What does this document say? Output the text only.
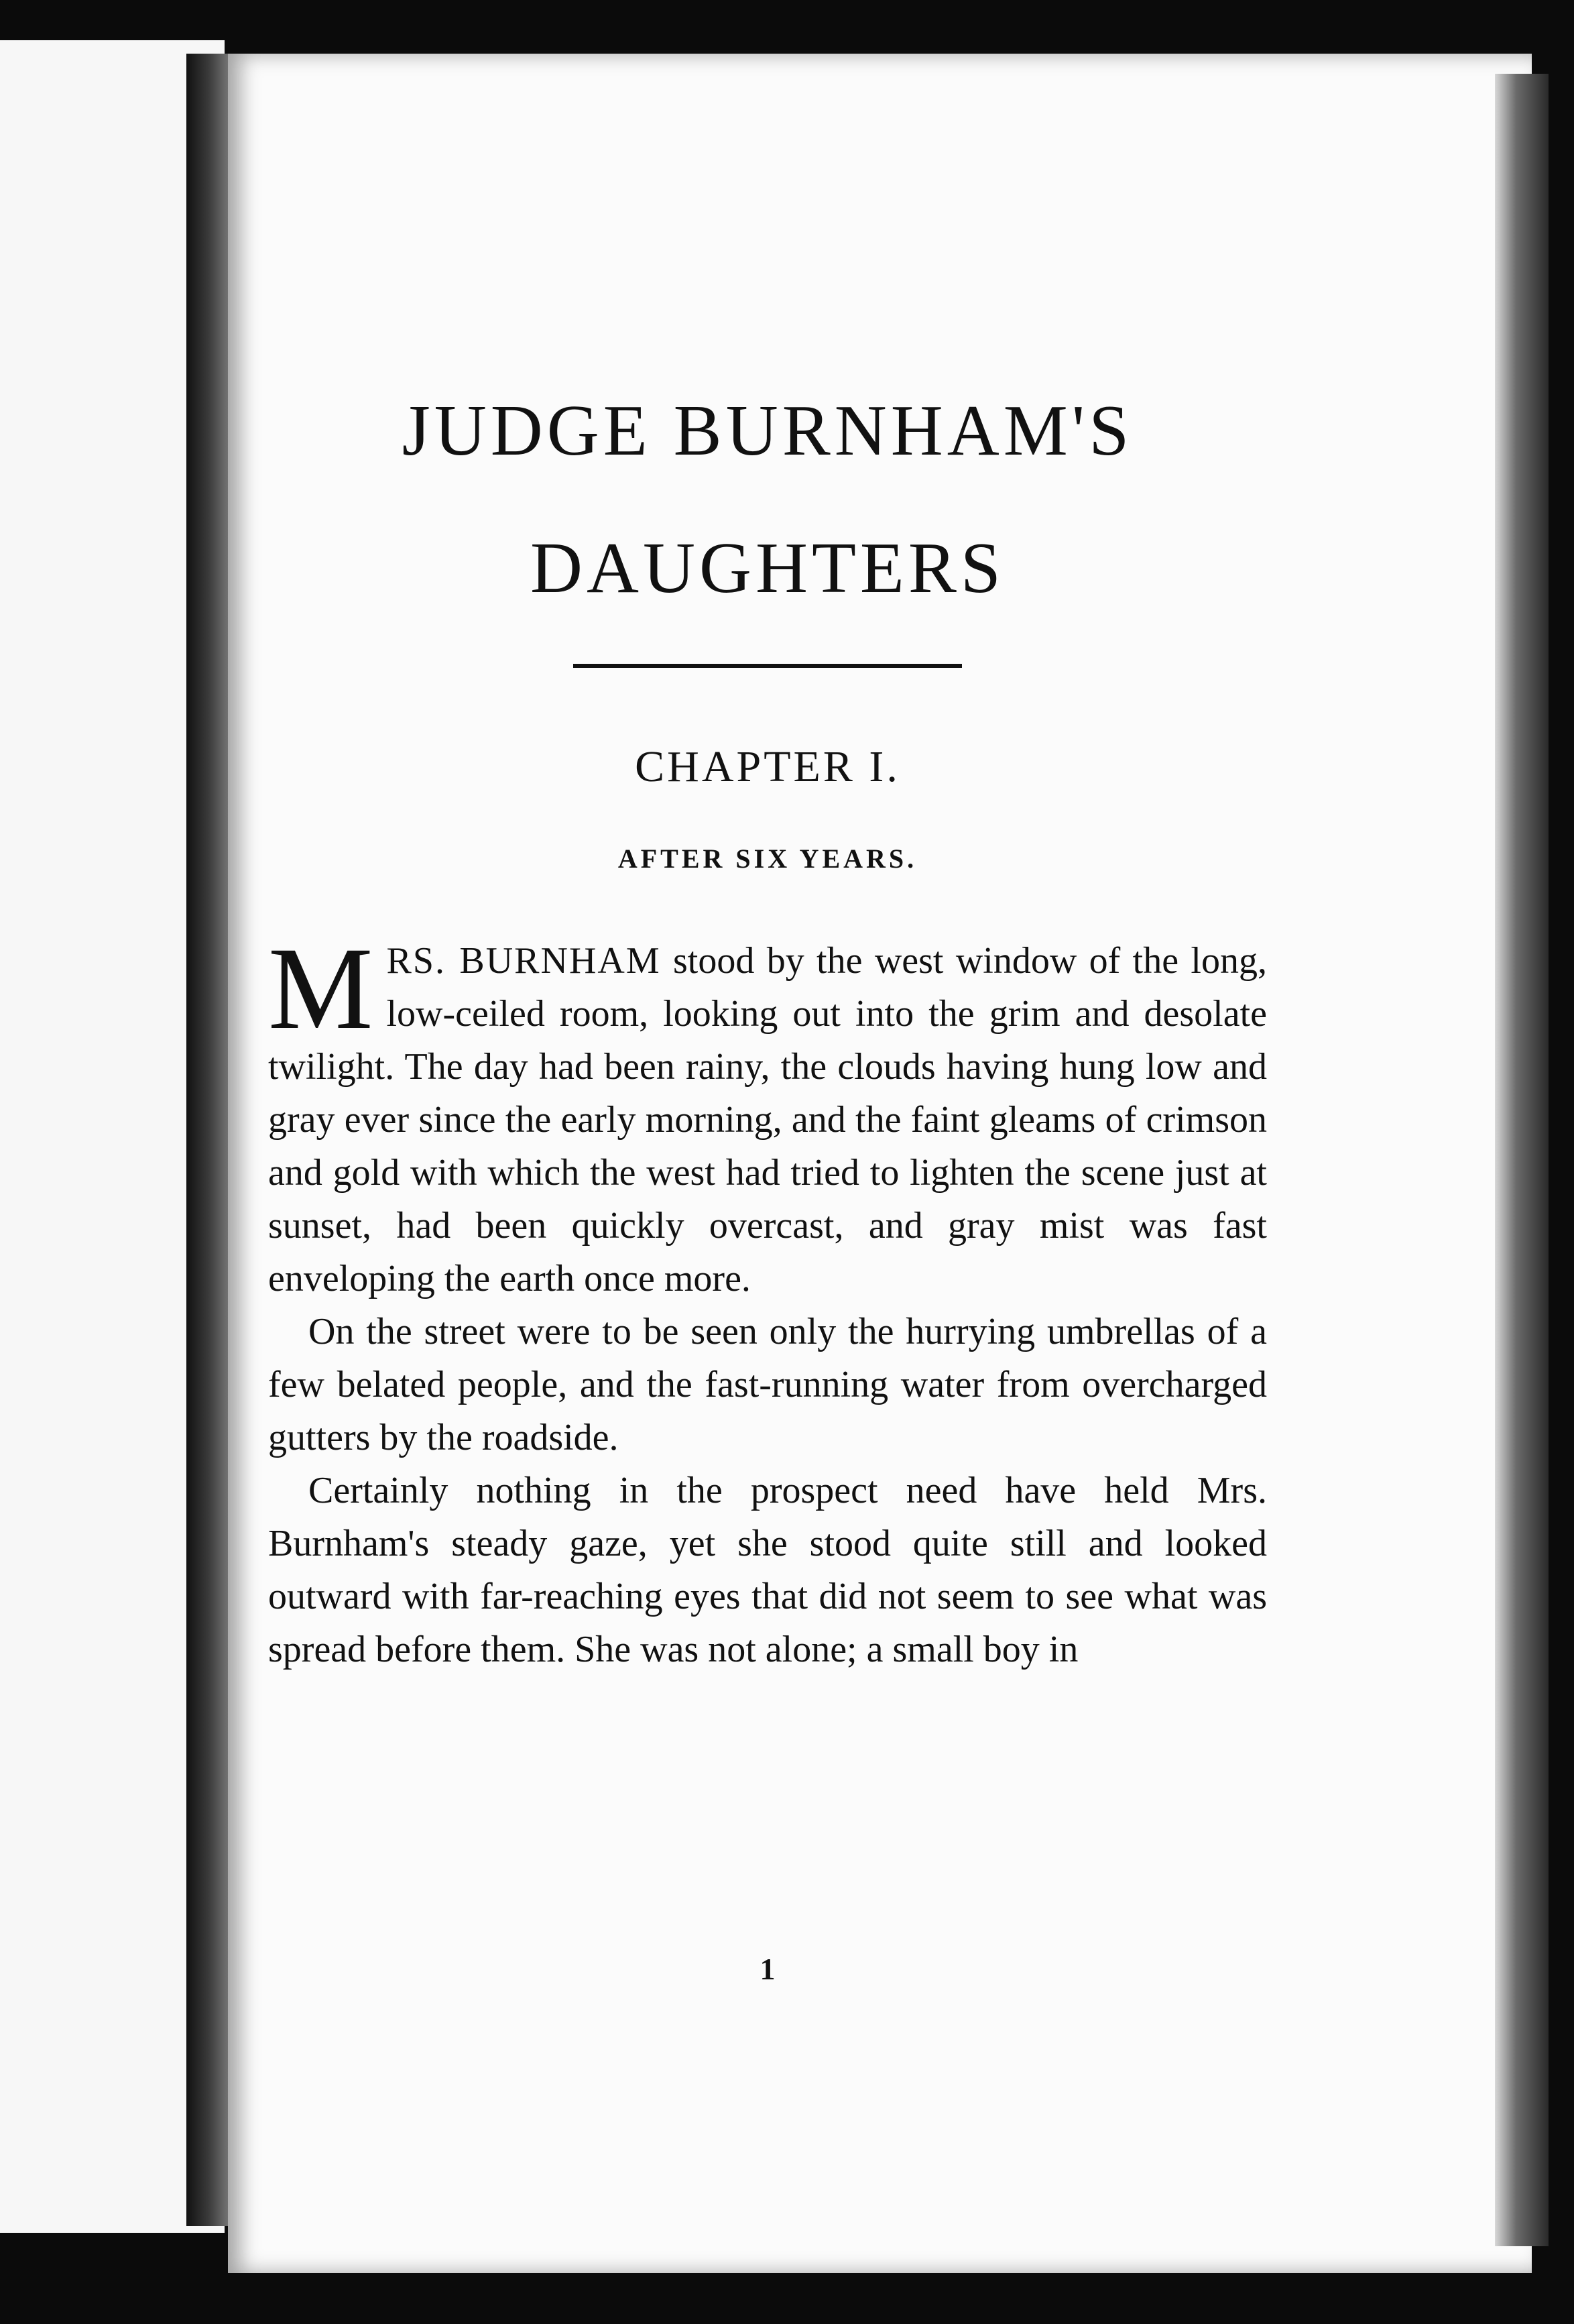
JUDGE BURNHAM'S
DAUGHTERS
CHAPTER I.
AFTER SIX YEARS.

MRS. BURNHAM stood by the west window of the long, low-ceiled room, looking out into the grim and desolate twilight. The day had been rainy, the clouds having hung low and gray ever since the early morning, and the faint gleams of crimson and gold with which the west had tried to lighten the scene just at sunset, had been quickly overcast, and gray mist was fast enveloping the earth once more.

On the street were to be seen only the hurrying umbrellas of a few belated people, and the fast-running water from overcharged gutters by the roadside.

Certainly nothing in the prospect need have held Mrs. Burnham's steady gaze, yet she stood quite still and looked outward with far-reaching eyes that did not seem to see what was spread before them. She was not alone; a small boy in

1
